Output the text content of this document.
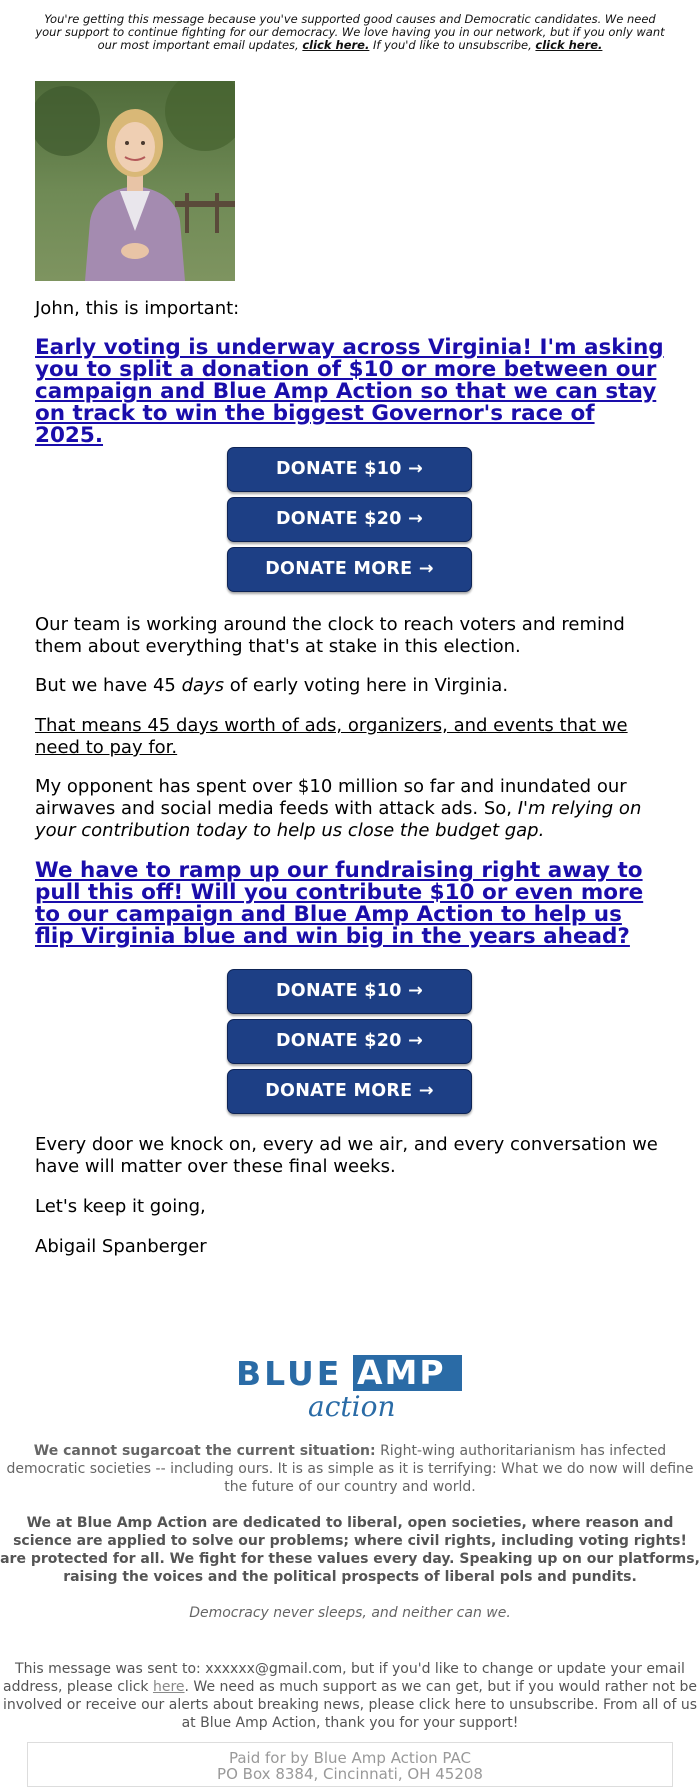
You're getting this message because you've supported good causes and Democratic candidates. We need your support to continue fighting for our democracy. We love having you in our network, but if you only want our most important email updates, click here. If you'd like to unsubscribe, click here.
John, this is important:
Early voting is underway across Virginia! I'm asking you to split a donation of $10 or more between our campaign and Blue Amp Action so that we can stay on track to win the biggest Governor's race of 2025.
DONATE $10 →
DONATE $20 →
DONATE MORE →
Our team is working around the clock to reach voters and remind them about everything that's at stake in this election.
But we have 45 days of early voting here in Virginia.
That means 45 days worth of ads, organizers, and events that we need to pay for.
My opponent has spent over $10 million so far and inundated our airwaves and social media feeds with attack ads. So, I'm relying on your contribution today to help us close the budget gap.
We have to ramp up our fundraising right away to pull this off! Will you contribute $10 or even more to our campaign and Blue Amp Action to help us flip Virginia blue and win big in the years ahead?
DONATE $10 →
DONATE $20 →
DONATE MORE →
Every door we knock on, every ad we air, and every conversation we have will matter over these final weeks.
Let's keep it going,
Abigail Spanberger
BLUE AMP
action
We cannot sugarcoat the current situation: Right-wing authoritarianism has infected democratic societies -- including ours. It is as simple as it is terrifying: What we do now will define the future of our country and world.
We at Blue Amp Action are dedicated to liberal, open societies, where reason and science are applied to solve our problems; where civil rights, including voting rights! are protected for all. We fight for these values every day. Speaking up on our platforms, raising the voices and the political prospects of liberal pols and pundits.
Democracy never sleeps, and neither can we.
This message was sent to: xxxxxx@gmail.com, but if you'd like to change or update your email address, please click here. We need as much support as we can get, but if you would rather not be involved or receive our alerts about breaking news, please click here to unsubscribe. From all of us at Blue Amp Action, thank you for your support!
Paid for by Blue Amp Action PAC
PO Box 8384, Cincinnati, OH 45208
